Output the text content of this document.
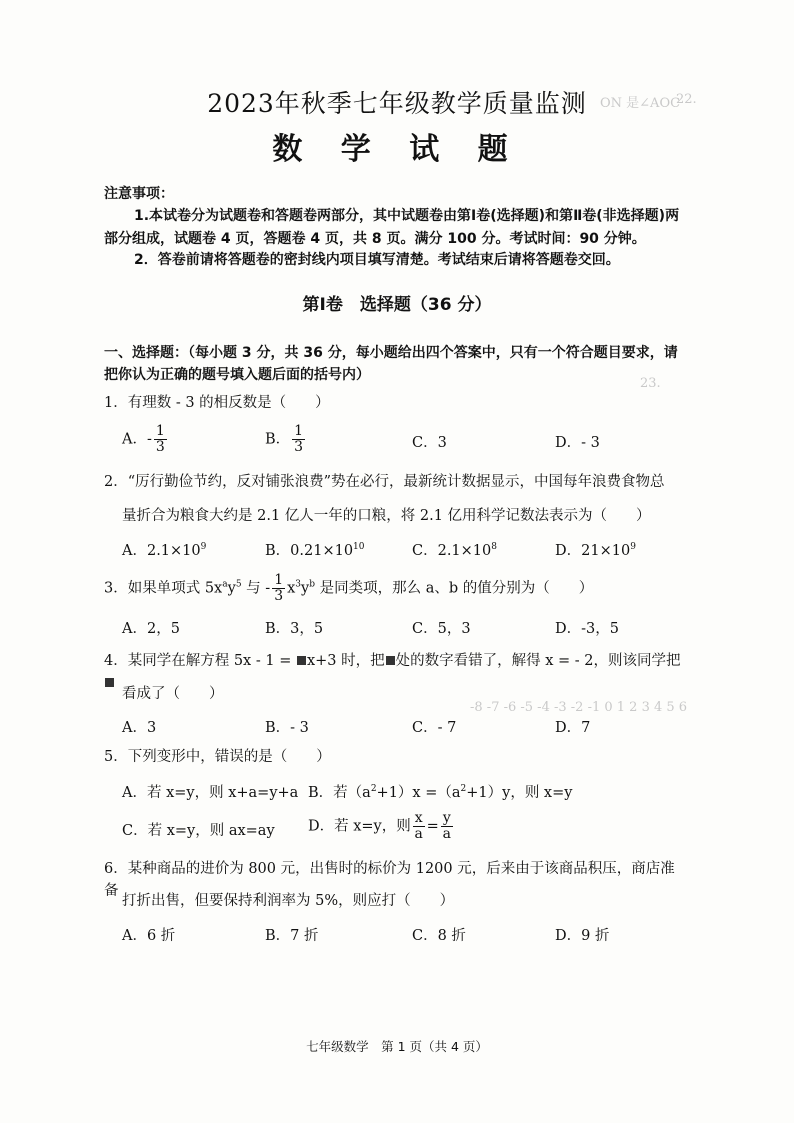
ON 是∠AOC
22.
23.
-8 -7 -6 -5 -4 -3 -2 -1 0 1 2 3 4 5 6
2023年秋季七年级教学质量监测
数 学 试 题
注意事项：
1.本试卷分为试题卷和答题卷两部分，其中试题卷由第Ⅰ卷(选择题)和第Ⅱ卷(非选择题)两部分组成，试题卷 4 页，答题卷 4 页，共 8 页。满分 100 分。考试时间：90 分钟。
2．答卷前请将答题卷的密封线内项目填写清楚。考试结束后请将答题卷交回。
第Ⅰ卷　选择题（36 分）
一、选择题：（每小题 3 分，共 36 分，每小题给出四个答案中，只有一个符合题目要求，请把你认为正确的题号填入题后面的括号内）
1．有理数 - 3 的相反数是（　　）
A．- $\frac{1}{3}$	B． $\frac{1}{3}$	C．3	D．- 3
2．“厉行勤俭节约，反对铺张浪费”势在必行，最新统计数据显示，中国每年浪费食物总
量折合为粮食大约是 2.1 亿人一年的口粮，将 2.1 亿用科学记数法表示为（　　）
A．$2.1\times 10^9$	B．$0.21\times 10^{10}$	C．$2.1\times 10^8$	D．$21\times 10^9$
3．如果单项式 $5x^ay^5$ 与 - $\frac{1}{3} x^3y^b$ 是同类项，那么 a、b 的值分别为（　　）
A．2，5	B．3，5	C．5，3	D．-3，5
4．某同学在解方程 5x - 1 = x+3 时，把 处的数字看错了，解得 x = - 2，则该同学把
看成了（　　）
A．3	B．- 3	C．- 7	D．7
5．下列变形中，错误的是（　　）
A．若 x=y，则 x+a=y+a B．若$(a^2+1)x =(a^2+1)y$，则 x=y
C．若 x=y，则 ax=ay D．若 x=y，则 $\frac{x}{a} = \frac{y}{a}$
6．某种商品的进价为 800 元，出售时的标价为 1200 元，后来由于该商品积压，商店准备
打折出售，但要保持利润率为 5%，则应打（　　）
A．6 折	B．7 折	C．8 折	D．9 折
七年级数学　第 1 页（共 4 页）
